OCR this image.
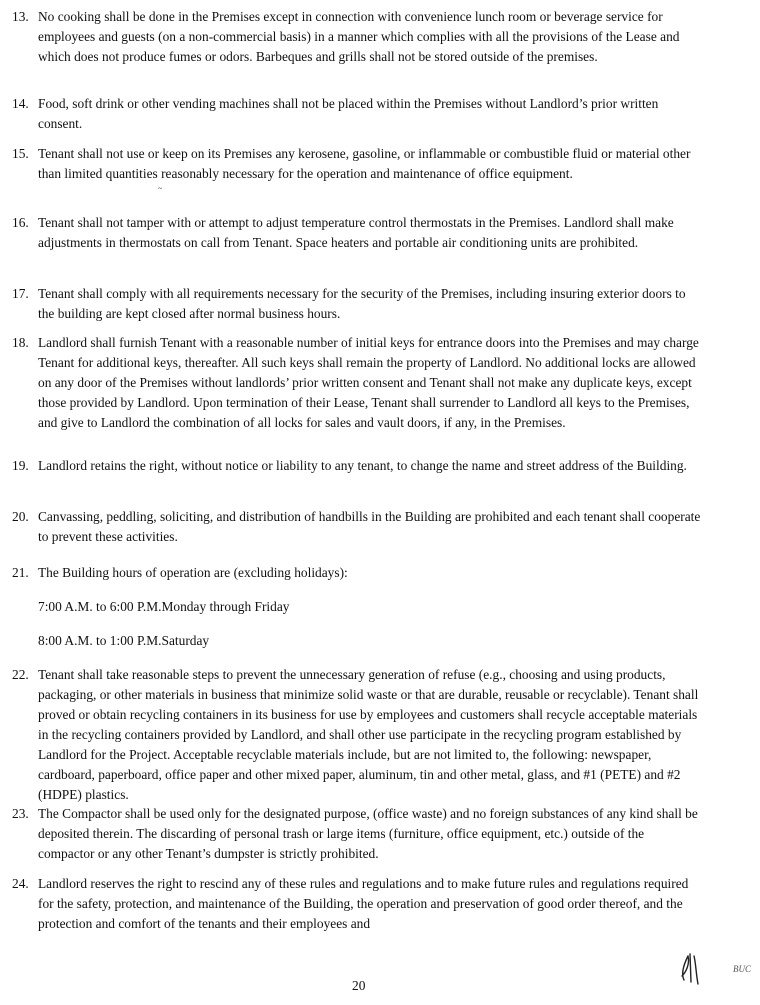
13. No cooking shall be done in the Premises except in connection with convenience lunch room or beverage service for employees and guests (on a non-commercial basis) in a manner which complies with all the provisions of the Lease and which does not produce fumes or odors. Barbeques and grills shall not be stored outside of the premises.
14. Food, soft drink or other vending machines shall not be placed within the Premises without Landlord’s prior written consent.
15. Tenant shall not use or keep on its Premises any kerosene, gasoline, or inflammable or combustible fluid or material other than limited quantities reasonably necessary for the operation and maintenance of office equipment.
~
16. Tenant shall not tamper with or attempt to adjust temperature control thermostats in the Premises. Landlord shall make adjustments in thermostats on call from Tenant. Space heaters and portable air conditioning units are prohibited.
17. Tenant shall comply with all requirements necessary for the security of the Premises, including insuring exterior doors to the building are kept closed after normal business hours.
18. Landlord shall furnish Tenant with a reasonable number of initial keys for entrance doors into the Premises and may charge Tenant for additional keys, thereafter. All such keys shall remain the property of Landlord. No additional locks are allowed on any door of the Premises without landlords’ prior written consent and Tenant shall not make any duplicate keys, except those provided by Landlord. Upon termination of their Lease, Tenant shall surrender to Landlord all keys to the Premises, and give to Landlord the combination of all locks for sales and vault doors, if any, in the Premises.
19. Landlord retains the right, without notice or liability to any tenant, to change the name and street address of the Building.
20. Canvassing, peddling, soliciting, and distribution of handbills in the Building are prohibited and each tenant shall cooperate to prevent these activities.
21. The Building hours of operation are (excluding holidays):
7:00 A.M. to 6:00 P.M.Monday through Friday
8:00 A.M. to 1:00 P.M.Saturday
22. Tenant shall take reasonable steps to prevent the unnecessary generation of refuse (e.g., choosing and using products, packaging, or other materials in business that minimize solid waste or that are durable, reusable or recyclable). Tenant shall proved or obtain recycling containers in its business for use by employees and customers shall recycle acceptable materials in the recycling containers provided by Landlord, and shall other use participate in the recycling program established by Landlord for the Project. Acceptable recyclable materials include, but are not limited to, the following: newspaper, cardboard, paperboard, office paper and other mixed paper, aluminum, tin and other metal, glass, and #1 (PETE) and #2 (HDPE) plastics.
23. The Compactor shall be used only for the designated purpose, (office waste) and no foreign substances of any kind shall be deposited therein. The discarding of personal trash or large items (furniture, office equipment, etc.) outside of the compactor or any other Tenant’s dumpster is strictly prohibited.
24. Landlord reserves the right to rescind any of these rules and regulations and to make future rules and regulations required for the safety, protection, and maintenance of the Building, the operation and preservation of good order thereof, and the protection and comfort of the tenants and their employees and
20
BUC
